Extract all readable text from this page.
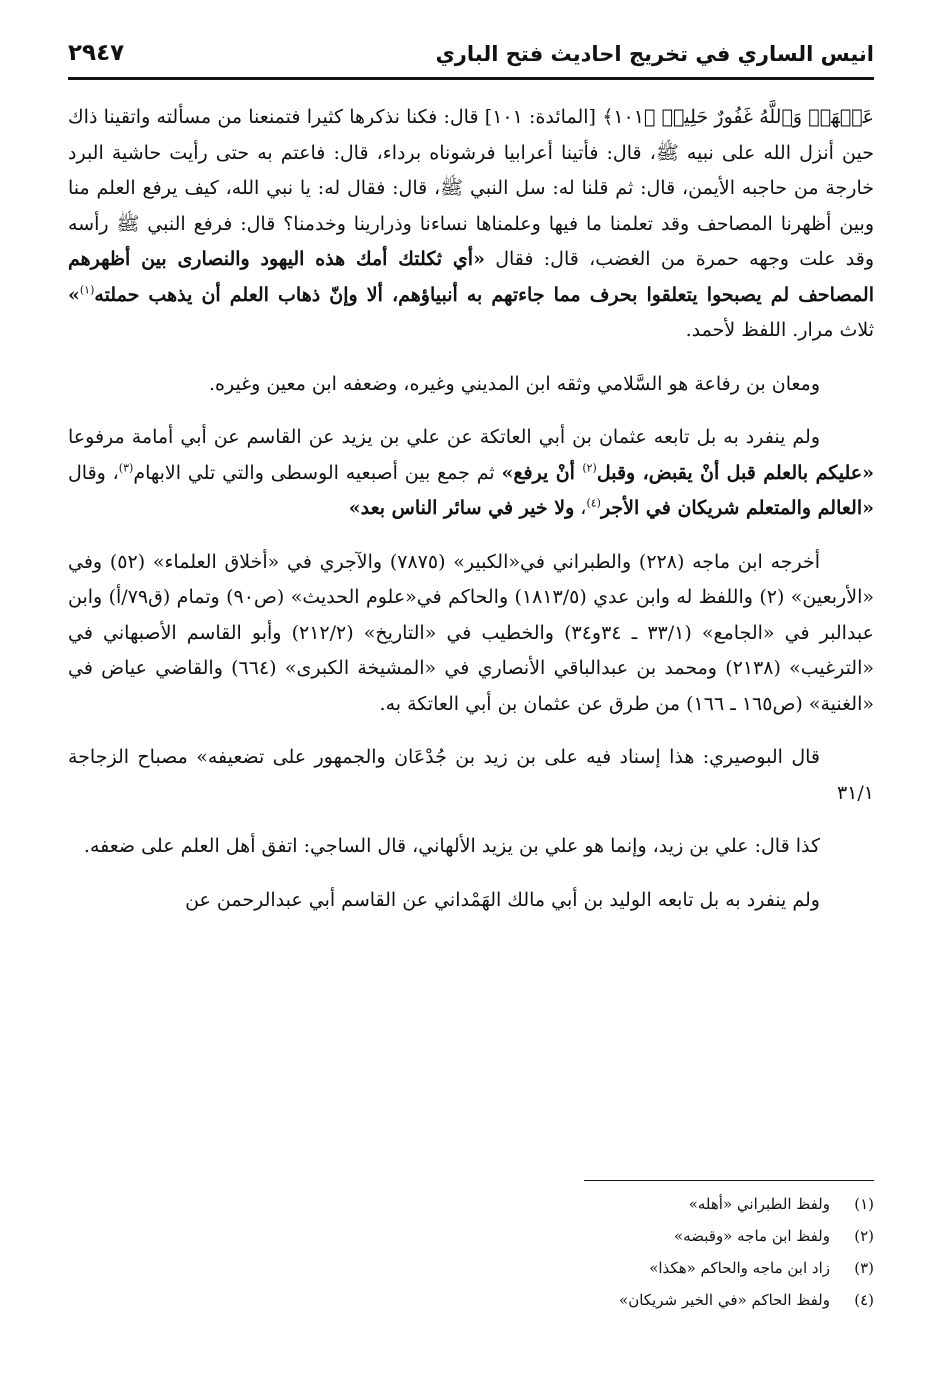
انيس الساري في تخريج احاديث فتح الباري
٢٩٤٧

عَنۡهَاۗ وَٱللَّهُ غَفُورٌ حَلِيمٞ ﴿١٠١﴾ [المائدة: ١٠١] قال: فكنا نذكرها كثيرا فتمنعنا من مسألته واتقينا ذاك حين أنزل الله على نبيه ﷺ، قال: فأتينا أعرابيا فرشوناه برداء، قال: فاعتم به حتى رأيت حاشية البرد خارجة من حاجبه الأيمن، قال: ثم قلنا له: سل النبي ﷺ، قال: فقال له: يا نبي الله، كيف يرفع العلم منا وبين أظهرنا المصاحف وقد تعلمنا ما فيها وعلمناها نساءنا وذرارينا وخدمنا؟ قال: فرفع النبي ﷺ رأسه وقد علت وجهه حمرة من الغضب، قال: فقال «أي ثكلتك أمك هذه اليهود والنصارى بين أظهرهم المصاحف لم يصبحوا يتعلقوا بحرف مما جاءتهم به أنبياؤهم، ألا وإنّ ذهاب العلم أن يذهب حملته$^{(١)}$» ثلاث مرار. اللفظ لأحمد.

ومعان بن رفاعة هو السَّلامي وثقه ابن المديني وغيره، وضعفه ابن معين وغيره.

ولم ينفرد به بل تابعه عثمان بن أبي العاتكة عن علي بن يزيد عن القاسم عن أبي أمامة مرفوعا «عليكم بالعلم قبل أنْ يقبض، وقبل$^{(٢)}$ أنْ يرفع» ثم جمع بين أصبعيه الوسطى والتي تلي الابهام$^{(٣)}$، وقال «العالم والمتعلم شريكان في الأجر$^{(٤)}$، ولا خير في سائر الناس بعد»

أخرجه ابن ماجه (٢٢٨) والطبراني في«الكبير» (٧٨٧٥) والآجري في «أخلاق العلماء» (٥٢) وفي «الأربعين» (٢) واللفظ له وابن عدي (١٨١٣/٥) والحاكم في«علوم الحديث» (ص٩٠) وتمام (ق٧٩/أ) وابن عبدالبر في «الجامع» (٣٣/١ ـ ٣٤و٣٤) والخطيب في «التاريخ» (٢١٢/٢) وأبو القاسم الأصبهاني في «الترغيب» (٢١٣٨) ومحمد بن عبدالباقي الأنصاري في «المشيخة الكبرى» (٦٦٤) والقاضي عياض في «الغنية» (ص١٦٥ ـ ١٦٦) من طرق عن عثمان بن أبي العاتكة به.

قال البوصيري: هذا إسناد فيه على بن زيد بن جُدْعَان والجمهور على تضعيفه» مصباح الزجاجة ٣١/١

كذا قال: علي بن زيد، وإنما هو علي بن يزيد الألهاني، قال الساجي: اتفق أهل العلم على ضعفه.

ولم ينفرد به بل تابعه الوليد بن أبي مالك الهَمْداني عن القاسم أبي عبدالرحمن عن

(١)ولفظ الطبراني «أهله»
(٢)ولفظ ابن ماجه «وقبضه»
(٣)زاد ابن ماجه والحاكم «هكذا»
(٤)ولفظ الحاكم «في الخير شريكان»
